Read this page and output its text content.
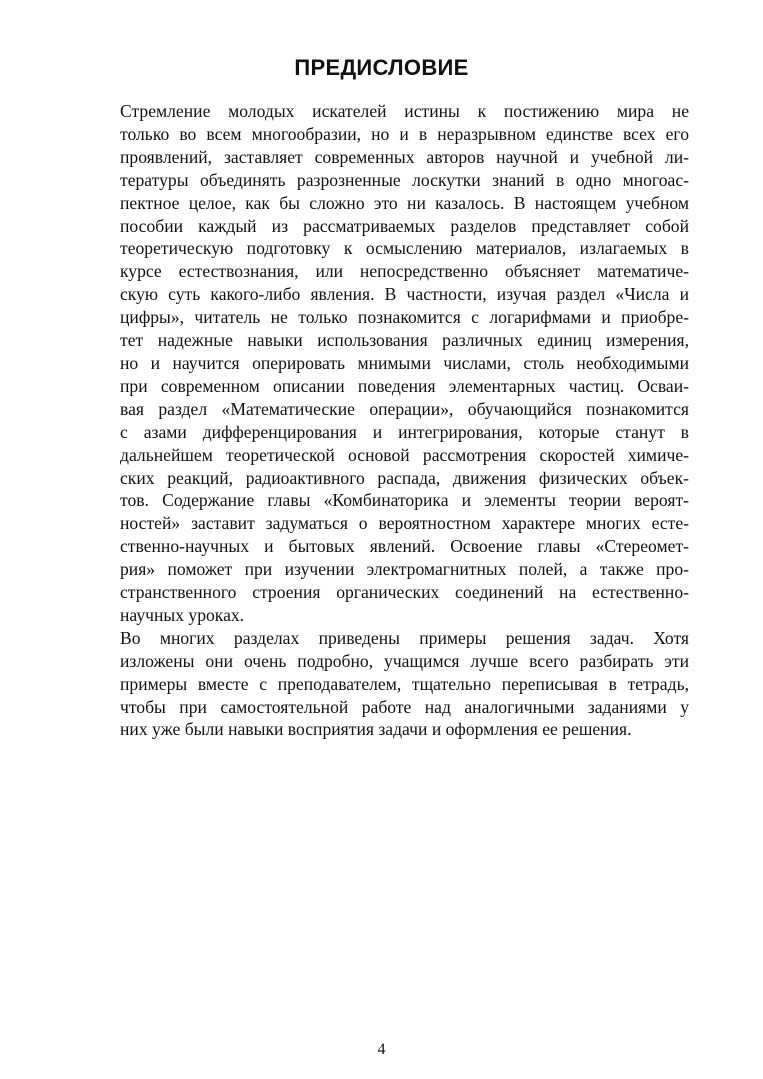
ПРЕДИСЛОВИЕ
Стремление молодых искателей истины к постижению мира не
только во всем многообразии, но и в неразрывном единстве всех его
проявлений, заставляет современных авторов научной и учебной ли-
тературы объединять разрозненные лоскутки знаний в одно многоас-
пектное целое, как бы сложно это ни казалось. В настоящем учебном
пособии каждый из рассматриваемых разделов представляет собой
теоретическую подготовку к осмыслению материалов, излагаемых в
курсе естествознания, или непосредственно объясняет математиче-
скую суть какого-либо явления. В частности, изучая раздел «Числа и
цифры», читатель не только познакомится с логарифмами и приобре-
тет надежные навыки использования различных единиц измерения,
но и научится оперировать мнимыми числами, столь необходимыми
при современном описании поведения элементарных частиц. Осваи-
вая раздел «Математические операции», обучающийся познакомится
с азами дифференцирования и интегрирования, которые станут в
дальнейшем теоретической основой рассмотрения скоростей химиче-
ских реакций, радиоактивного распада, движения физических объек-
тов. Содержание главы «Комбинаторика и элементы теории вероят-
ностей» заставит задуматься о вероятностном характере многих есте-
ственно-научных и бытовых явлений. Освоение главы «Стереомет-
рия» поможет при изучении электромагнитных полей, а также про-
странственного строения органических соединений на естественно-
научных уроках.
Во многих разделах приведены примеры решения задач. Хотя
изложены они очень подробно, учащимся лучше всего разбирать эти
примеры вместе с преподавателем, тщательно переписывая в тетрадь,
чтобы при самостоятельной работе над аналогичными заданиями у
них уже были навыки восприятия задачи и оформления ее решения.
4
